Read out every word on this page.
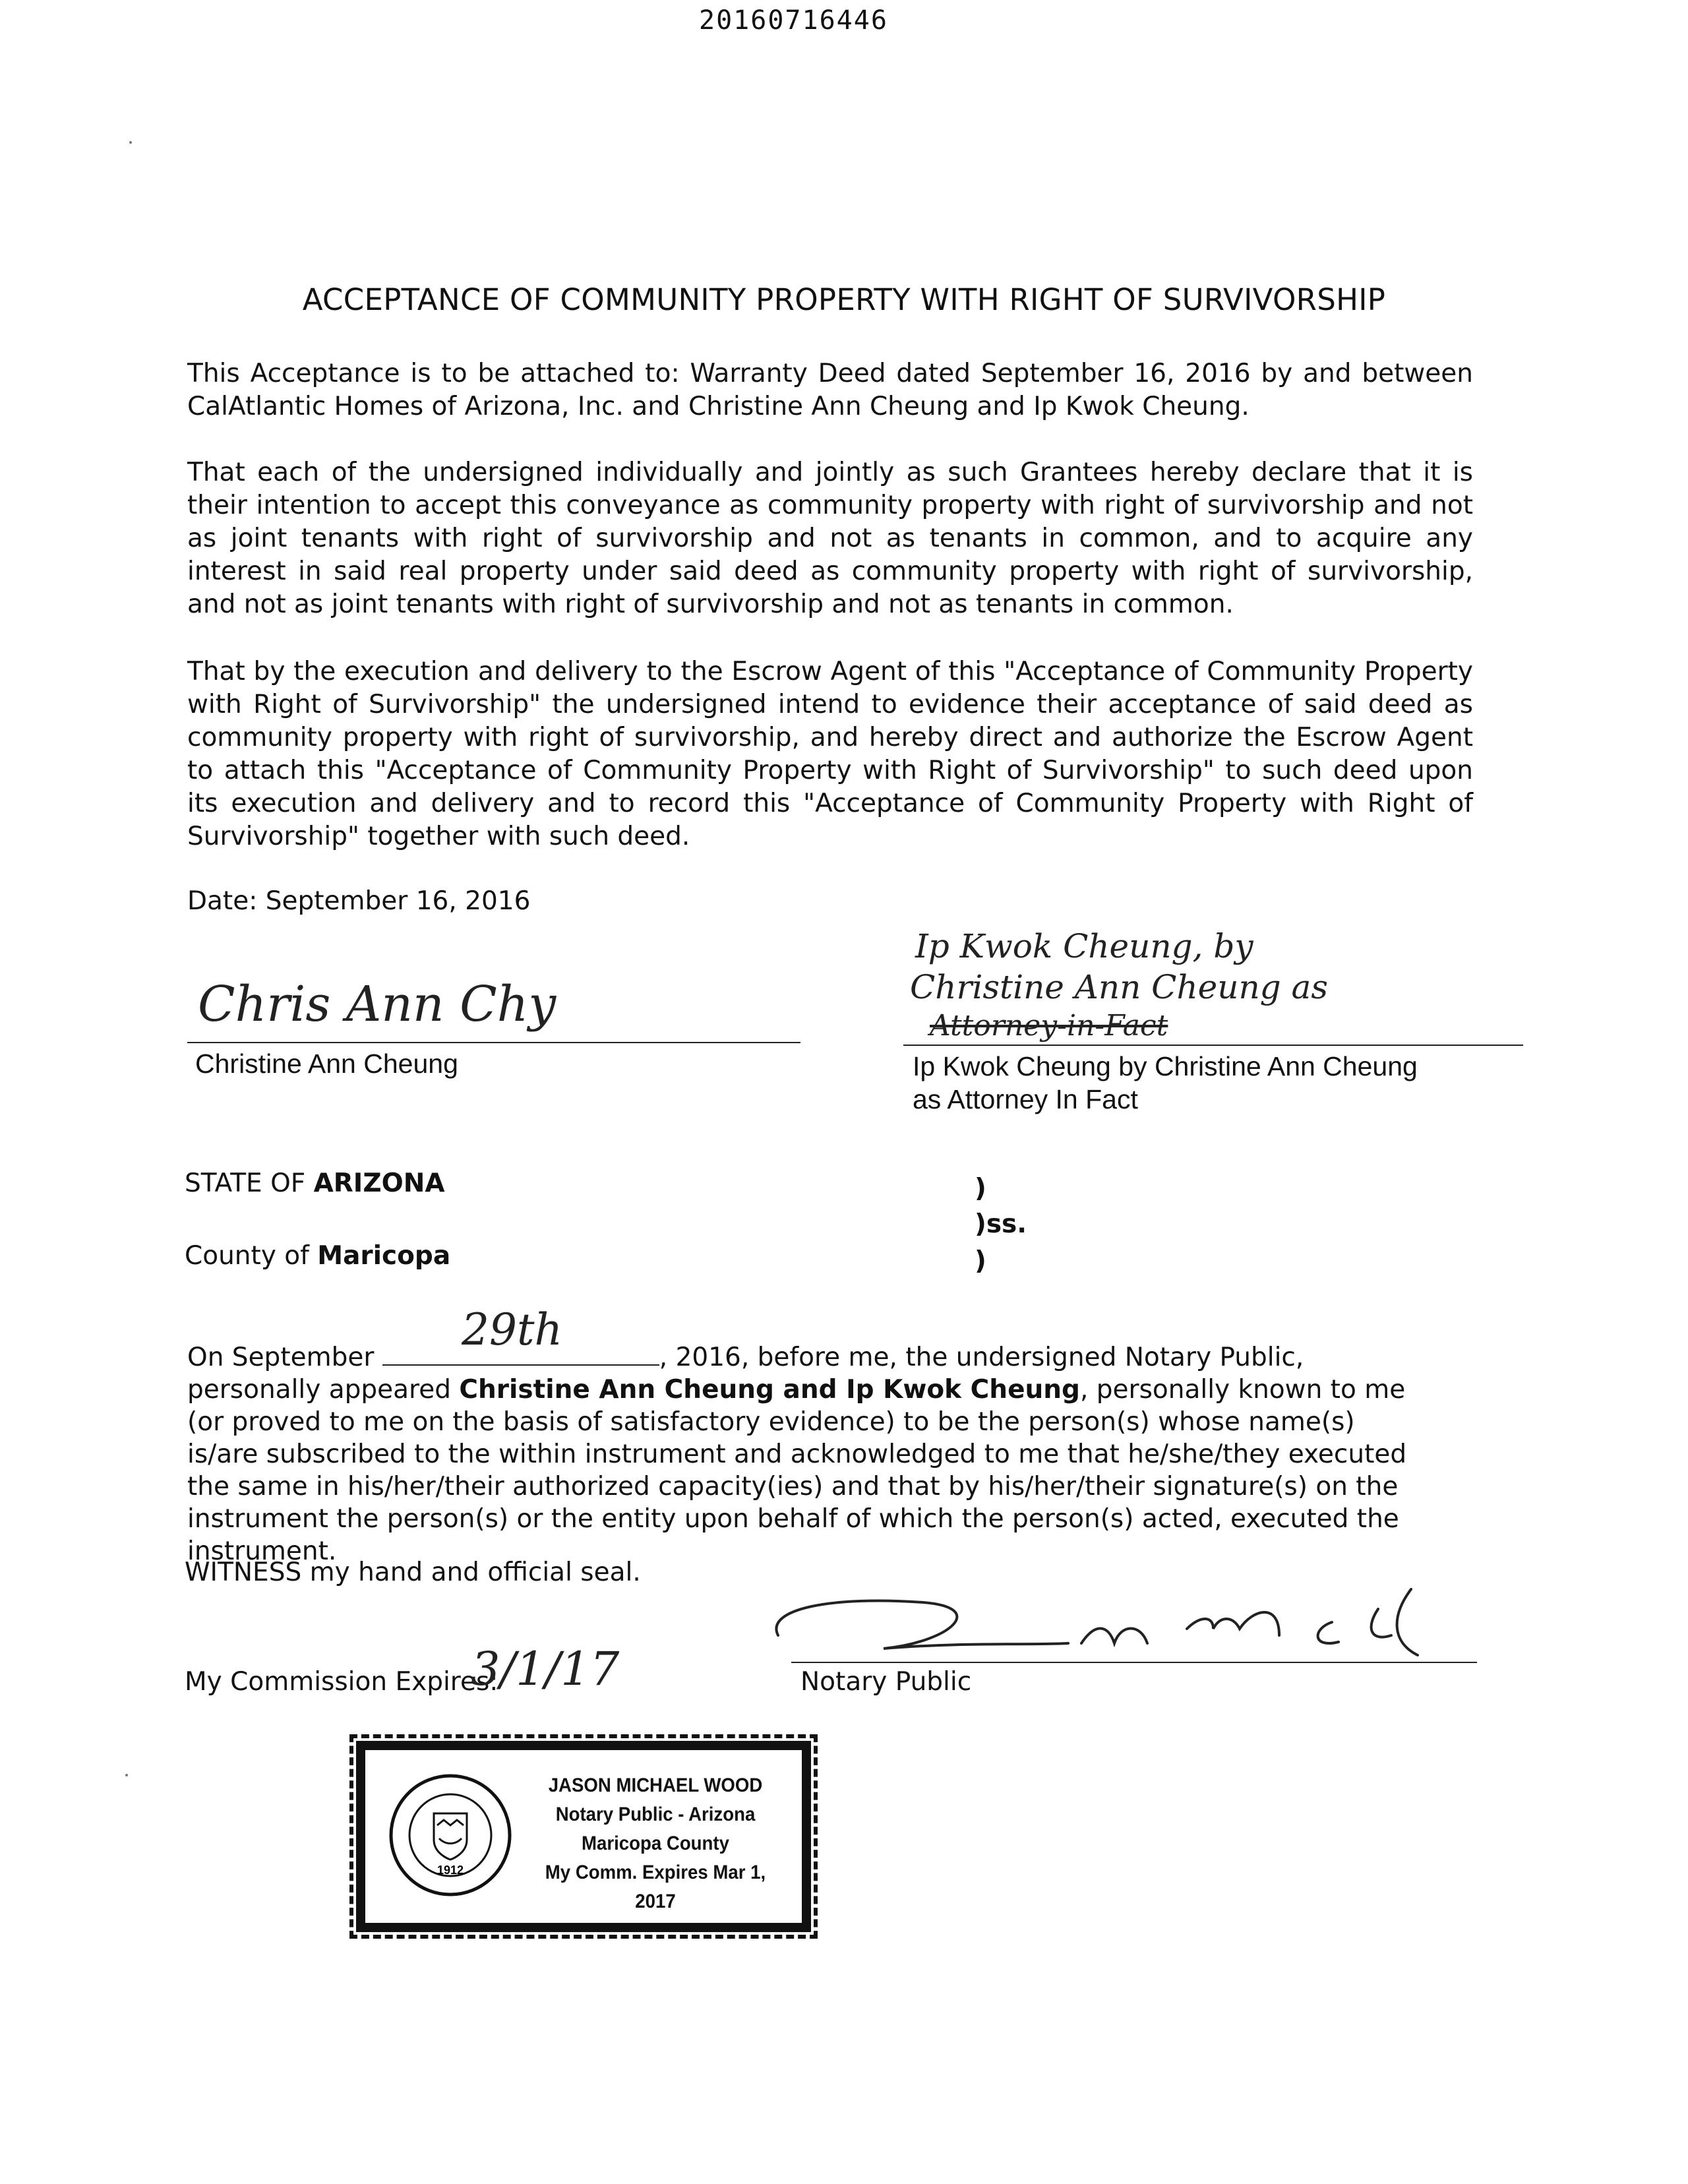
20160716446
ACCEPTANCE OF COMMUNITY PROPERTY WITH RIGHT OF SURVIVORSHIP
This Acceptance is to be attached to: Warranty Deed dated September 16, 2016 by and between CalAtlantic Homes of Arizona, Inc. and Christine Ann Cheung and Ip Kwok Cheung.
That each of the undersigned individually and jointly as such Grantees hereby declare that it is their intention to accept this conveyance as community property with right of survivorship and not as joint tenants with right of survivorship and not as tenants in common, and to acquire any interest in said real property under said deed as community property with right of survivorship, and not as joint tenants with right of survivorship and not as tenants in common.
That by the execution and delivery to the Escrow Agent of this "Acceptance of Community Property with Right of Survivorship" the undersigned intend to evidence their acceptance of said deed as community property with right of survivorship, and hereby direct and authorize the Escrow Agent to attach this "Acceptance of Community Property with Right of Survivorship" to such deed upon its execution and delivery and to record this "Acceptance of Community Property with Right of Survivorship" together with such deed.
Date: September 16, 2016
Chris Ann Chy
Christine Ann Cheung
Ip Kwok Cheung, by
Christine Ann Cheung as
Attorney-in-Fact
Ip Kwok Cheung by Christine Ann Cheung
as Attorney In Fact
STATE OF ARIZONA
County of Maricopa
)
)ss.
)
29th
On September	, 2016, before me, the undersigned Notary Public, personally appeared Christine Ann Cheung and Ip Kwok Cheung, personally known to me (or proved to me on the basis of satisfactory evidence) to be the person(s) whose name(s) is/are subscribed to the within instrument and acknowledged to me that he/she/they executed the same in his/her/their authorized capacity(ies) and that by his/her/their signature(s) on the instrument the person(s) or the entity upon behalf of which the person(s) acted, executed the instrument.
WITNESS my hand and official seal.
My Commission Expires:
3/1/17	Notary Public
1912
JASON MICHAEL WOOD
Notary Public - Arizona
Maricopa County
My Comm. Expires Mar 1, 2017
